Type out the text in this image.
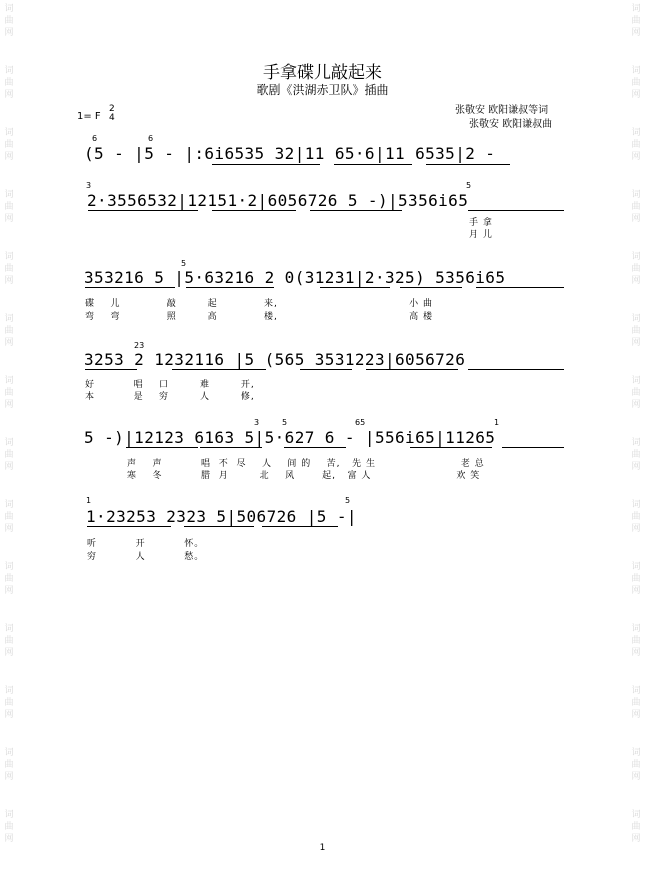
词
曲
网
词
曲
网
词
曲
网
词
曲
网
词
曲
网
词
曲
网
词
曲
网
词
曲
网
词
曲
网
词
曲
网
词
曲
网
词
曲
网
词
曲
网
词
曲
网
词
曲
网
词
曲
网
词
曲
网
词
曲
网
词
曲
网
词
曲
网
词
曲
网
词
曲
网
词
曲
网
词
曲
网
词
曲
网
词
曲
网
词
曲
网
词
曲
网
手拿碟儿敲起来
歌剧《洪湖赤卫队》插曲
1= F
2
4
张敬安 欧阳谦叔等词
张敬安 欧阳谦叔曲
6	6
(5 - |5 - |:6i6535 32|11 65·6|11 6535|2 -
3	5
2·3556532|12151·2|6056726 5 -)|5356i65
手 拿
月 儿
5
353216 5 |5·63216 2 0(31231|2·325) 5356i65
碟    儿            敲        起            来,                                  小 曲
弯    弯            照        高            楼,                                  高 楼
23
3253 2 1232116 |5 (565 3531223|6056726
好          唱    口        难        开,
本          是    穷        人        修,
3	5	65	1
5 -)|12123 6163 5|5·627 6 - |556i65|11265
声    声          唱  不  尽    人    间 的    苦,   先 生                      老 总
寒    冬          腊  月        北    风       起,   富 人                      欢 笑
1	5
1·23253 2323 5|506726 |5 -|
听          开          怀。
穷          人          愁。
1
